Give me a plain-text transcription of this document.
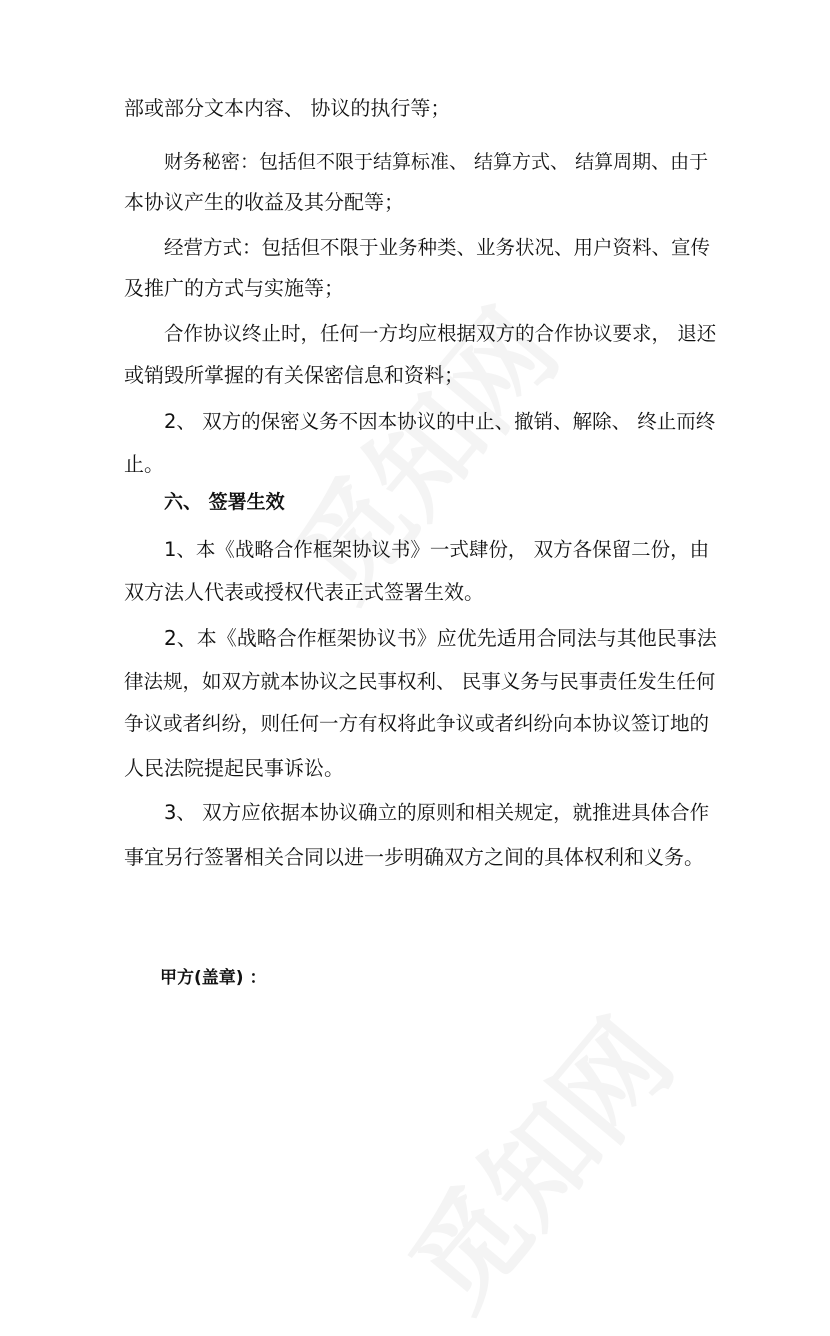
部或部分文本内容、 协议的执行等；
财务秘密：包括但不限于结算标准、 结算方式、 结算周期、由于
本协议产生的收益及其分配等；
经营方式：包括但不限于业务种类、业务状况、用户资料、宣传
及推广的方式与实施等；
合作协议终止时，任何一方均应根据双方的合作协议要求， 退还
或销毁所掌握的有关保密信息和资料；
2、 双方的保密义务不因本协议的中止、撤销、解除、 终止而终
止。
六、 签署生效
1、本《战略合作框架协议书》一式肆份， 双方各保留二份，由
双方法人代表或授权代表正式签署生效。
2、本《战略合作框架协议书》应优先适用合同法与其他民事法
律法规，如双方就本协议之民事权利、 民事义务与民事责任发生任何
争议或者纠纷，则任何一方有权将此争议或者纠纷向本协议签订地的
人民法院提起民事诉讼。
3、 双方应依据本协议确立的原则和相关规定，就推进具体合作
事宜另行签署相关合同以进一步明确双方之间的具体权利和义务。
甲方(盖章) ：
